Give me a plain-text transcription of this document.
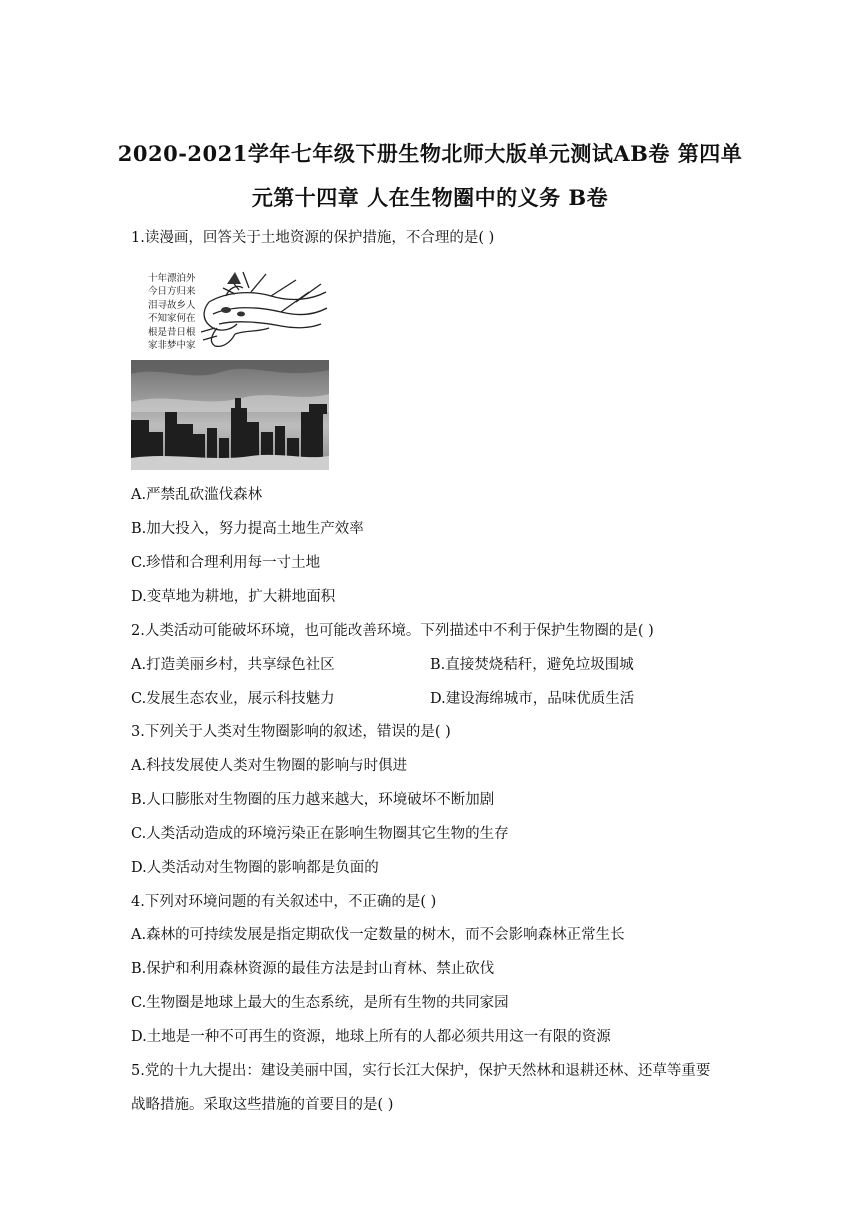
2020-2021学年七年级下册生物北师大版单元测试AB卷 第四单
元第十四章 人在生物圈中的义务 B卷
1.读漫画，回答关于土地资源的保护措施，不合理的是( )
十年漂泊外
今日方归来
泪寻故乡人
不知家何在
根是昔日根
家非梦中家
A.严禁乱砍滥伐森林
B.加大投入，努力提高土地生产效率
C.珍惜和合理利用每一寸土地
D.变草地为耕地，扩大耕地面积
2.人类活动可能破坏环境，也可能改善环境。下列描述中不利于保护生物圈的是( )
A.打造美丽乡村，共享绿色社区	B.直接焚烧秸秆，避免垃圾围城
C.发展生态农业，展示科技魅力	D.建设海绵城市，品味优质生活
3.下列关于人类对生物圈影响的叙述，错误的是( )
A.科技发展使人类对生物圈的影响与时俱进
B.人口膨胀对生物圈的压力越来越大，环境破坏不断加剧
C.人类活动造成的环境污染正在影响生物圈其它生物的生存
D.人类活动对生物圈的影响都是负面的
4.下列对环境问题的有关叙述中，不正确的是( )
A.森林的可持续发展是指定期砍伐一定数量的树木，而不会影响森林正常生长
B.保护和利用森林资源的最佳方法是封山育林、禁止砍伐
C.生物圈是地球上最大的生态系统，是所有生物的共同家园
D.土地是一种不可再生的资源，地球上所有的人都必须共用这一有限的资源
5.党的十九大提出：建设美丽中国，实行长江大保护，保护天然林和退耕还林、还草等重要
战略措施。采取这些措施的首要目的是( )
